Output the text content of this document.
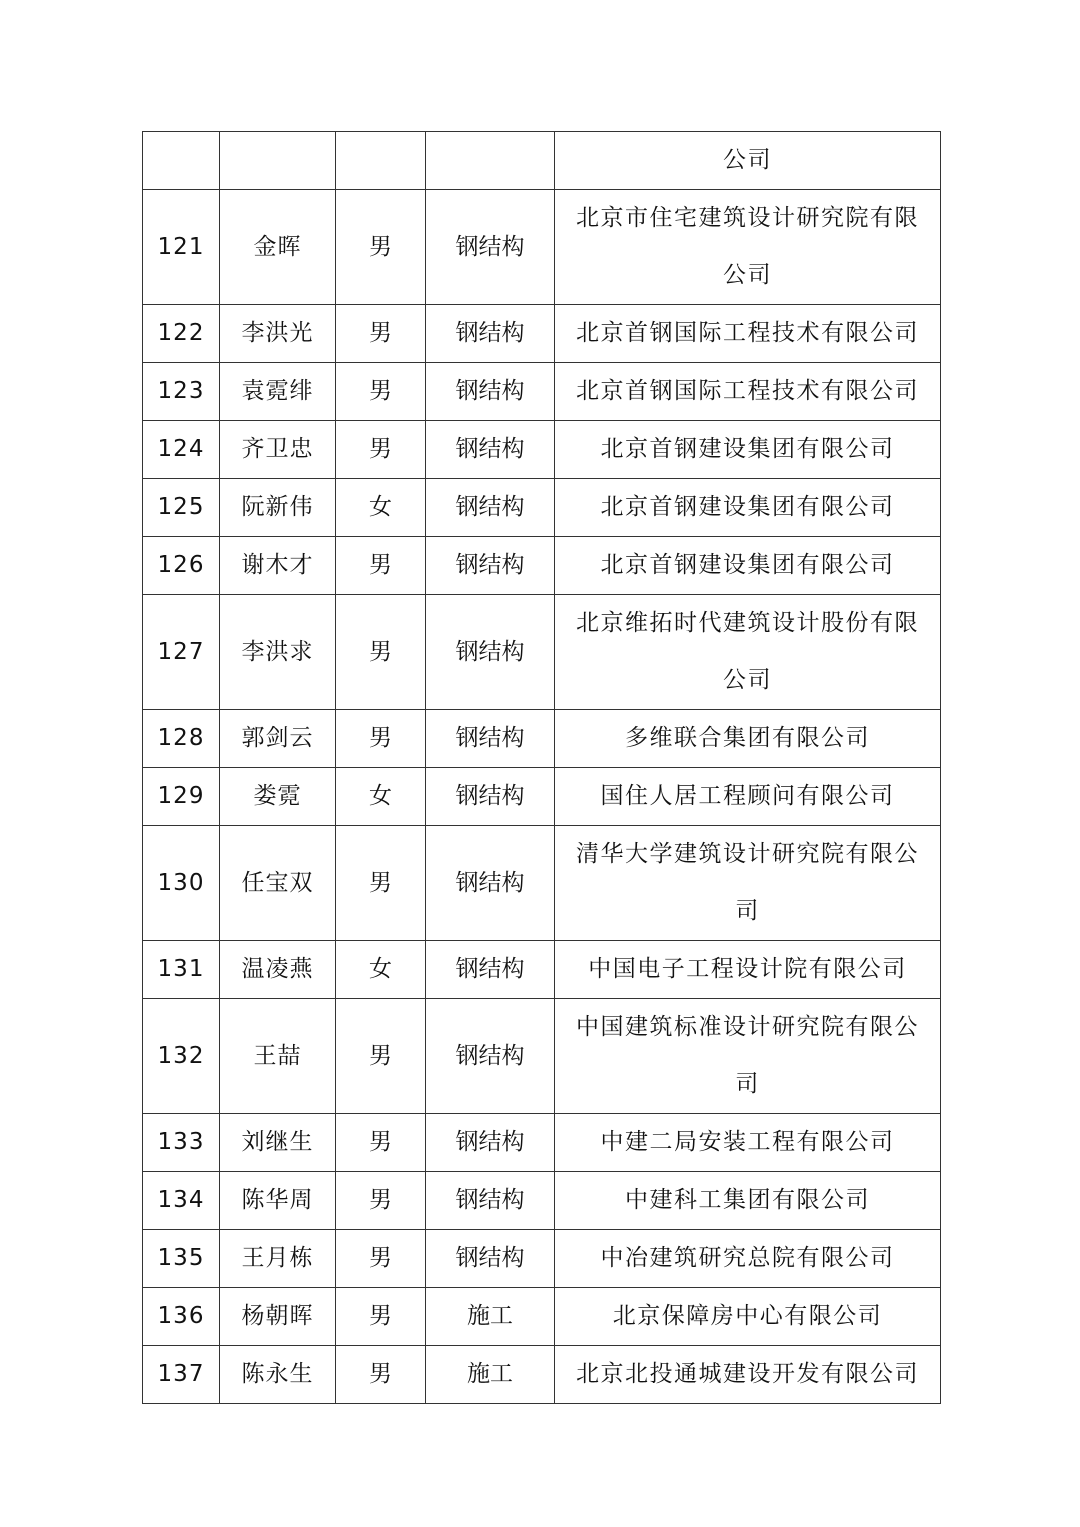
				公司
121	金晖	男	钢结构	北京市住宅建筑设计研究院有限公司
122	李洪光	男	钢结构	北京首钢国际工程技术有限公司
123	袁霓绯	男	钢结构	北京首钢国际工程技术有限公司
124	齐卫忠	男	钢结构	北京首钢建设集团有限公司
125	阮新伟	女	钢结构	北京首钢建设集团有限公司
126	谢木才	男	钢结构	北京首钢建设集团有限公司
127	李洪求	男	钢结构	北京维拓时代建筑设计股份有限公司
128	郭剑云	男	钢结构	多维联合集团有限公司
129	娄霓	女	钢结构	国住人居工程顾问有限公司
130	任宝双	男	钢结构	清华大学建筑设计研究院有限公司
131	温凌燕	女	钢结构	中国电子工程设计院有限公司
132	王喆	男	钢结构	中国建筑标准设计研究院有限公司
133	刘继生	男	钢结构	中建二局安装工程有限公司
134	陈华周	男	钢结构	中建科工集团有限公司
135	王月栋	男	钢结构	中冶建筑研究总院有限公司
136	杨朝晖	男	施工	北京保障房中心有限公司
137	陈永生	男	施工	北京北投通城建设开发有限公司
